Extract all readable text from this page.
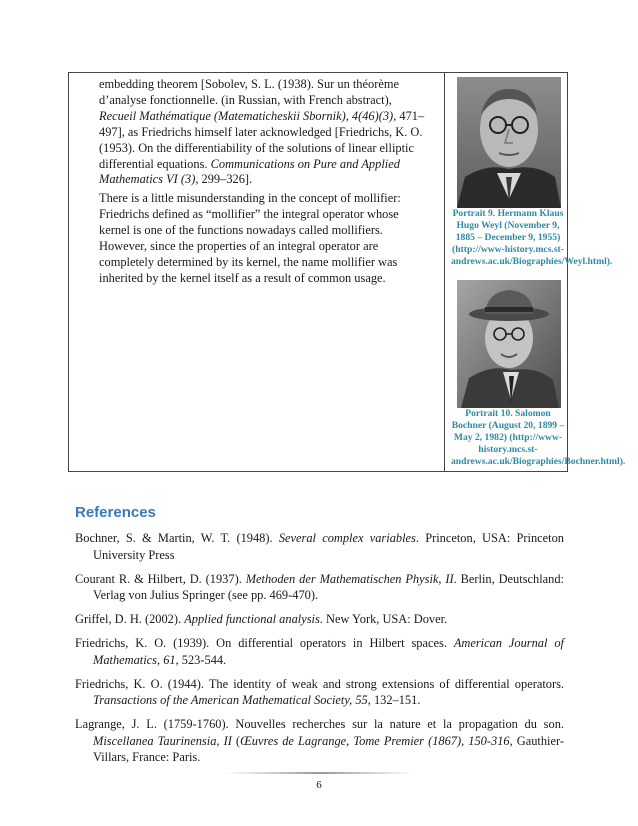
embedding theorem [Sobolev, S. L. (1938). Sur un théorème d’analyse fonctionnelle. (in Russian, with French abstract), Recueil Mathématique (Matematicheskii Sbornik), 4(46)(3), 471–497], as Friedrichs himself later acknowledged [Friedrichs, K. O. (1953). On the differentiability of the solutions of linear elliptic differential equations. Communications on Pure and Applied Mathematics VI (3), 299–326].

There is a little misunderstanding in the concept of mollifier: Friedrichs defined as “mollifier” the integral operator whose kernel is one of the functions nowadays called mollifiers. However, since the properties of an integral operator are completely determined by its kernel, the name mollifier was inherited by the kernel itself as a result of common usage.

Portrait 9. Hermann Klaus Hugo Weyl (November 9, 1885 – December 9, 1955) (http://www-history.mcs.st-andrews.ac.uk/Biographies/Weyl.html).
Portrait 10. Salomon Bochner (August 20, 1899 – May 2, 1982) (http://www-history.mcs.st-andrews.ac.uk/Biographies/Bochner.html).
References
Bochner, S. & Martin, W. T. (1948). Several complex variables. Princeton, USA: Princeton University Press
Courant R. & Hilbert, D. (1937). Methoden der Mathematischen Physik, II. Berlin, Deutschland: Verlag von Julius Springer (see pp. 469-470).
Griffel, D. H. (2002). Applied functional analysis. New York, USA: Dover.
Friedrichs, K. O. (1939). On differential operators in Hilbert spaces. American Journal of Mathematics, 61, 523-544.
Friedrichs, K. O. (1944). The identity of weak and strong extensions of differential operators. Transactions of the American Mathematical Society, 55, 132–151.
Lagrange, J. L. (1759-1760). Nouvelles recherches sur la nature et la propagation du son. Miscellanea Taurinensia, II (Œuvres de Lagrange, Tome Premier (1867), 150-316, Gauthier-Villars, France: Paris.
6
